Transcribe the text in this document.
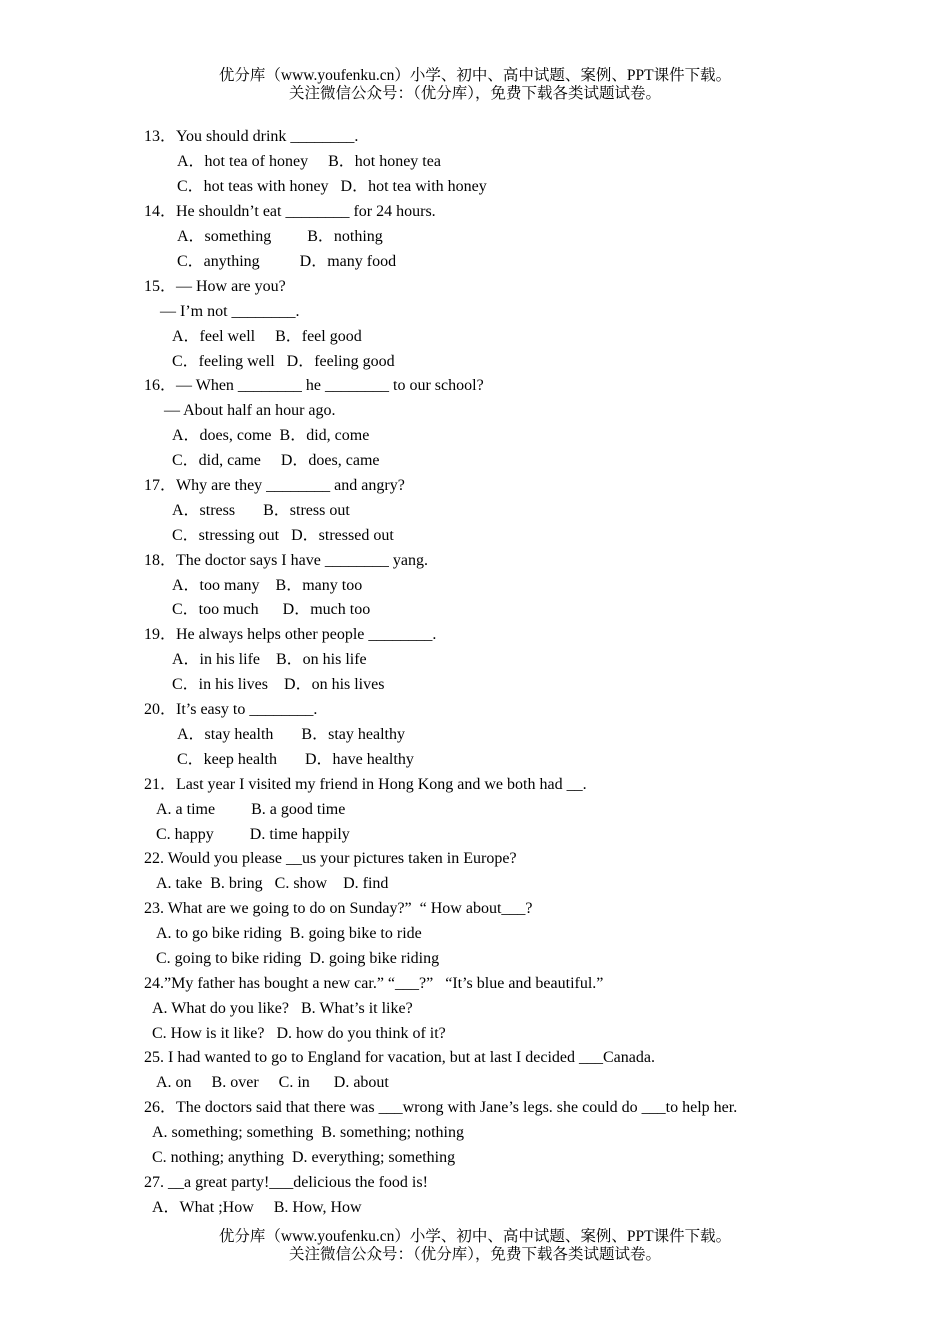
优分库（www.youfenku.cn）小学、初中、高中试题、案例、PPT课件下载。
关注微信公众号：（优分库），免费下载各类试题试卷。
13．You should drink ________.
A．hot tea of honey     B．hot honey tea
C．hot teas with honey   D．hot tea with honey
14．He shouldn’t eat ________ for 24 hours.
A．something         B．nothing
C．anything          D．many food
15．— How are you?
— I’m not ________.
A．feel well     B．feel good
C．feeling well   D．feeling good
16．— When ________ he ________ to our school?
— About half an hour ago.
A．does, come  B．did, come
C．did, came     D．does, came
17．Why are they ________ and angry?
A．stress       B．stress out
C．stressing out   D．stressed out
18．The doctor says I have ________ yang.
A．too many    B．many too
C．too much      D．much too
19．He always helps other people ________.
A．in his life    B．on his life
C．in his lives    D．on his lives
20．It’s easy to ________.
A．stay health       B．stay healthy
C．keep health       D．have healthy
21．Last year I visited my friend in Hong Kong and we both had __.
A. a time         B. a good time
C. happy         D. time happily
22. Would you please __us your pictures taken in Europe?
A. take  B. bring   C. show    D. find
23. What are we going to do on Sunday?”  “ How about___?
A. to go bike riding  B. going bike to ride
C. going to bike riding  D. going bike riding
24.”My father has bought a new car.” “___?”   “It’s blue and beautiful.”
A. What do you like?   B. What’s it like?
C. How is it like?   D. how do you think of it?
25. I had wanted to go to England for vacation, but at last I decided ___Canada.
A. on     B. over     C. in      D. about
26．The doctors said that there was ___wrong with Jane’s legs. she could do ___to help her.
A. something; something  B. something; nothing
C. nothing; anything  D. everything; something
27. __a great party!___delicious the food is!
A．What ;How     B. How, How
优分库（www.youfenku.cn）小学、初中、高中试题、案例、PPT课件下载。
关注微信公众号：（优分库），免费下载各类试题试卷。
